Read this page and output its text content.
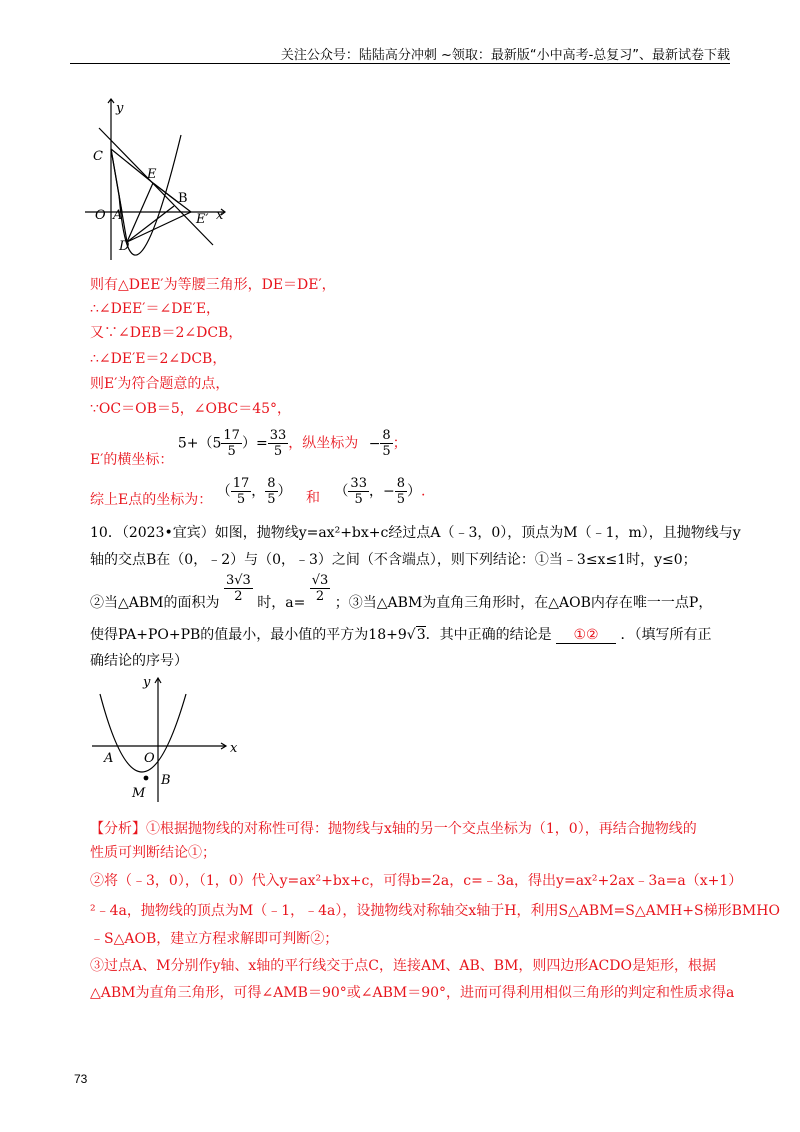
关注公众号：陆陆高分冲刺 ~领取：最新版“小中高考-总复习”、最新试卷下载
y
x
C
E
B
O A	E′
D
则有△DEE′为等腰三角形，DE＝DE′，
∴∠DEE′＝∠DE′E，
又∵∠DEB＝2∠DCB，
∴∠DE′E＝2∠DCB，
则E′为符合题意的点，
∵OC＝OB＝5，∠OBC＝45°，
E′的横坐标： $5+(5 \frac{17}{5}$ ）= $\frac{33}{5}$ ，纵坐标为 − $\frac{8}{5}$ ；
综上E点的坐标为： （ $\frac{17}{5}$ ， $\frac{8}{5}$ ） 和 （ $\frac{33}{5}$ ，− $\frac{8}{5}$ ）.
10．（2023•宜宾）如图，抛物线y=ax²+bx+c经过点A（﹣3，0），顶点为M（﹣1，m），且抛物线与y
轴的交点B在（0，﹣2）与（0，﹣3）之间（不含端点），则下列结论：①当﹣3≤x≤1时，y≤0；
②当△ABM的面积为 $\frac{3√3}{2}$ 时，$a= \frac{√3}{2}$ ；③当△ABM为直角三角形时，在△AOB内存在唯一一点P，
使得PA+PO+PB的值最小，最小值的平方为18+9√3．其中正确的结论是 ①② ．（填写所有正
确结论的序号）
y
x
A O
B
M
【分析】①根据抛物线的对称性可得：抛物线与x轴的另一个交点坐标为（1，0），再结合抛物线的
性质可判断结论①；
②将（﹣3，0），（1，0）代入y=ax²+bx+c，可得b=2a，c=﹣3a，得出y=ax²+2ax﹣3a=a（x+1）
²﹣4a，抛物线的顶点为M（﹣1，﹣4a），设抛物线对称轴交x轴于H，利用S△ABM=S△AMH+S梯形BMHO
﹣S△AOB，建立方程求解即可判断②；
③过点A、M分别作y轴、x轴的平行线交于点C，连接AM、AB、BM，则四边形ACDO是矩形，根据
△ABM为直角三角形，可得∠AMB＝90°或∠ABM＝90°，进而可得利用相似三角形的判定和性质求得a
73
